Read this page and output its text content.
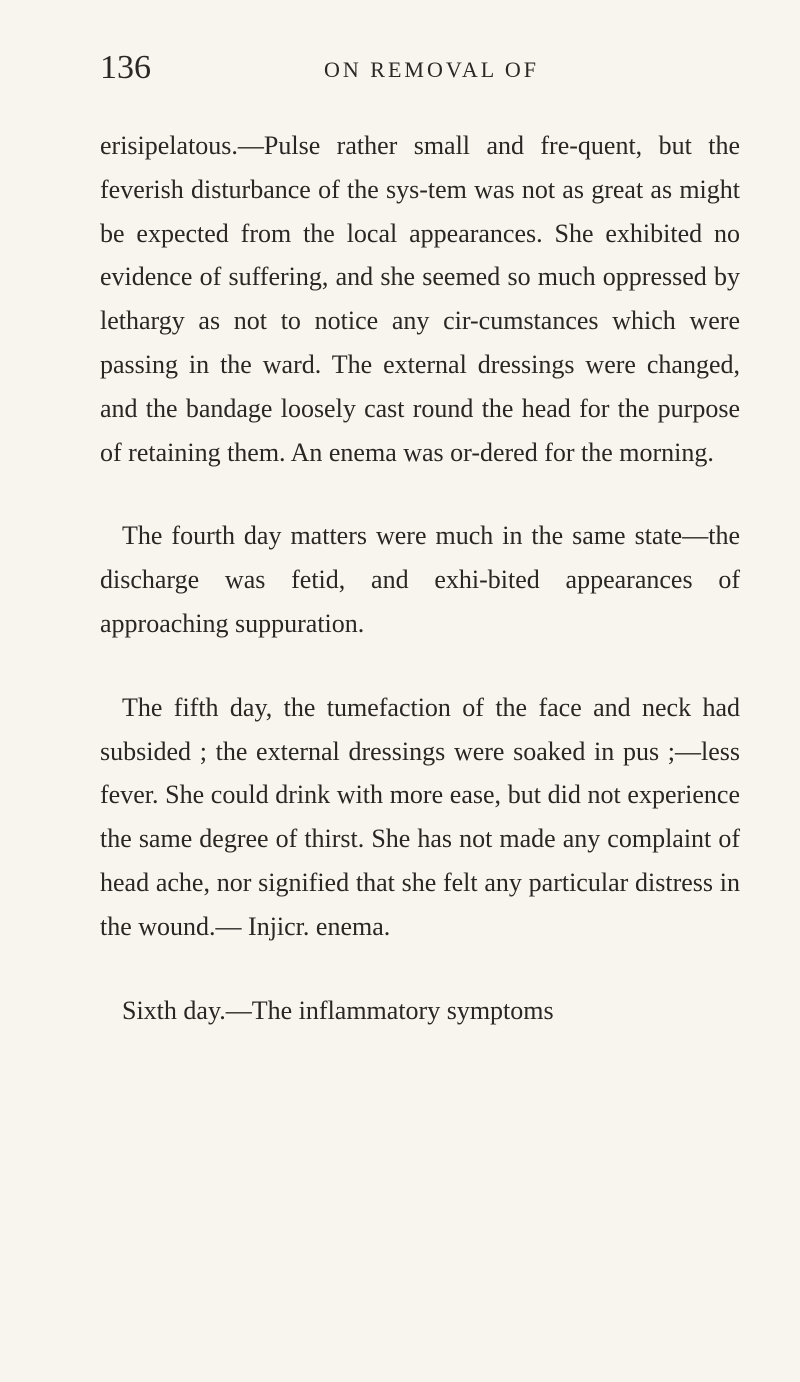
136	ON REMOVAL OF

erisipelatous.—Pulse rather small and fre-quent, but the feverish disturbance of the sys-tem was not as great as might be expected from the local appearances. She exhibited no evidence of suffering, and she seemed so much oppressed by lethargy as not to notice any cir-cumstances which were passing in the ward. The external dressings were changed, and the bandage loosely cast round the head for the purpose of retaining them. An enema was or-dered for the morning.

The fourth day matters were much in the same state—the discharge was fetid, and exhi-bited appearances of approaching suppuration.

The fifth day, the tumefaction of the face and neck had subsided ; the external dressings were soaked in pus ;—less fever. She could drink with more ease, but did not experience the same degree of thirst. She has not made any complaint of head ache, nor signified that she felt any particular distress in the wound.— Injicr. enema.

Sixth day.—The inflammatory symptoms
